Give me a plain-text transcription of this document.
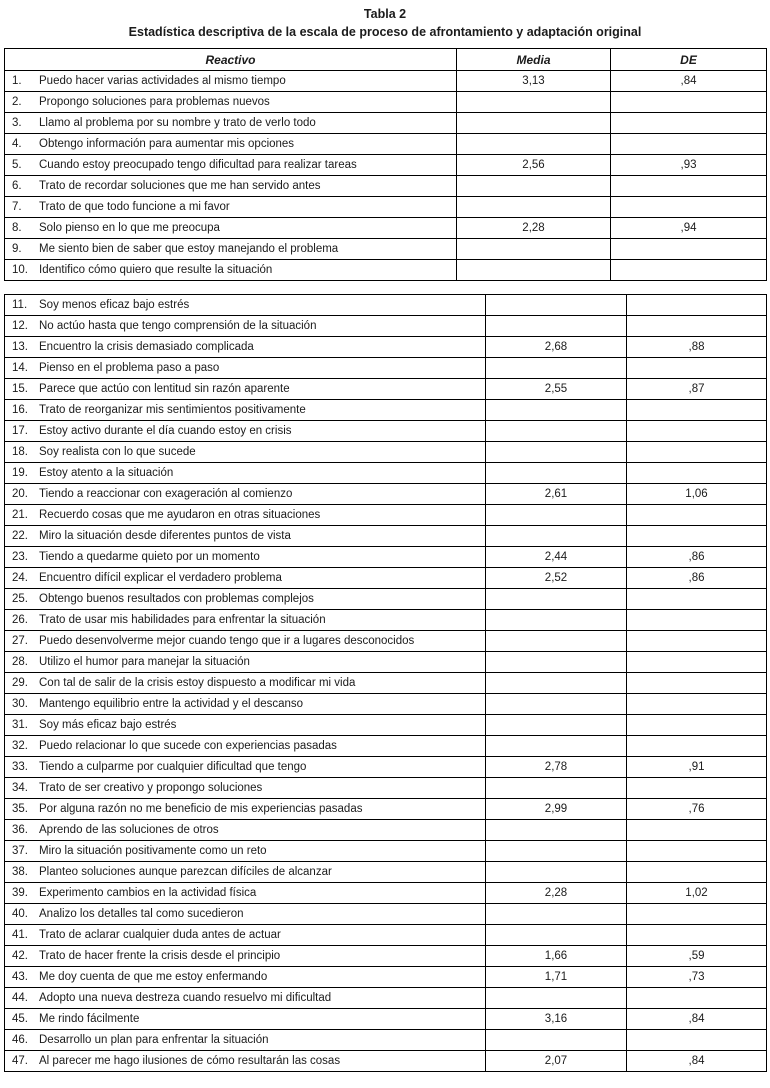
Tabla 2
Estadística descriptiva de la escala de proceso de afrontamiento y adaptación original
Reactivo	Media	DE
1. Puedo hacer varias actividades al mismo tiempo	3,13	,84
2. Propongo soluciones para problemas nuevos		
3. Llamo al problema por su nombre y trato de verlo todo		
4. Obtengo información para aumentar mis opciones		
5. Cuando estoy preocupado tengo dificultad para realizar tareas	2,56	,93
6. Trato de recordar soluciones que me han servido antes		
7. Trato de que todo funcione a mi favor		
8. Solo pienso en lo que me preocupa	2,28	,94
9. Me siento bien de saber que estoy manejando el problema		
10. Identifico cómo quiero que resulte la situación		
11. Soy menos eficaz bajo estrés		
12. No actúo hasta que tengo comprensión de la situación		
13. Encuentro la crisis demasiado complicada	2,68	,88
14. Pienso en el problema paso a paso		
15. Parece que actúo con lentitud sin razón aparente	2,55	,87
16. Trato de reorganizar mis sentimientos positivamente		
17. Estoy activo durante el día cuando estoy en crisis		
18. Soy realista con lo que sucede		
19. Estoy atento a la situación		
20. Tiendo a reaccionar con exageración al comienzo	2,61	1,06
21. Recuerdo cosas que me ayudaron en otras situaciones		
22. Miro la situación desde diferentes puntos de vista		
23. Tiendo a quedarme quieto por un momento	2,44	,86
24. Encuentro difícil explicar el verdadero problema	2,52	,86
25. Obtengo buenos resultados con problemas complejos		
26. Trato de usar mis habilidades para enfrentar la situación		
27. Puedo desenvolverme mejor cuando tengo que ir a lugares desconocidos		
28. Utilizo el humor para manejar la situación		
29. Con tal de salir de la crisis estoy dispuesto a modificar mi vida		
30. Mantengo equilibrio entre la actividad y el descanso		
31. Soy más eficaz bajo estrés		
32. Puedo relacionar lo que sucede con experiencias pasadas		
33. Tiendo a culparme por cualquier dificultad que tengo	2,78	,91
34. Trato de ser creativo y propongo soluciones		
35. Por alguna razón no me beneficio de mis experiencias pasadas	2,99	,76
36. Aprendo de las soluciones de otros		
37. Miro la situación positivamente como un reto		
38. Planteo soluciones aunque parezcan difíciles de alcanzar		
39. Experimento cambios en la actividad física	2,28	1,02
40. Analizo los detalles tal como sucedieron		
41. Trato de aclarar cualquier duda antes de actuar		
42. Trato de hacer frente la crisis desde el principio	1,66	,59
43. Me doy cuenta de que me estoy enfermando	1,71	,73
44. Adopto una nueva destreza cuando resuelvo mi dificultad		
45. Me rindo fácilmente	3,16	,84
46. Desarrollo un plan para enfrentar la situación		
47. Al parecer me hago ilusiones de cómo resultarán las cosas	2,07	,84
